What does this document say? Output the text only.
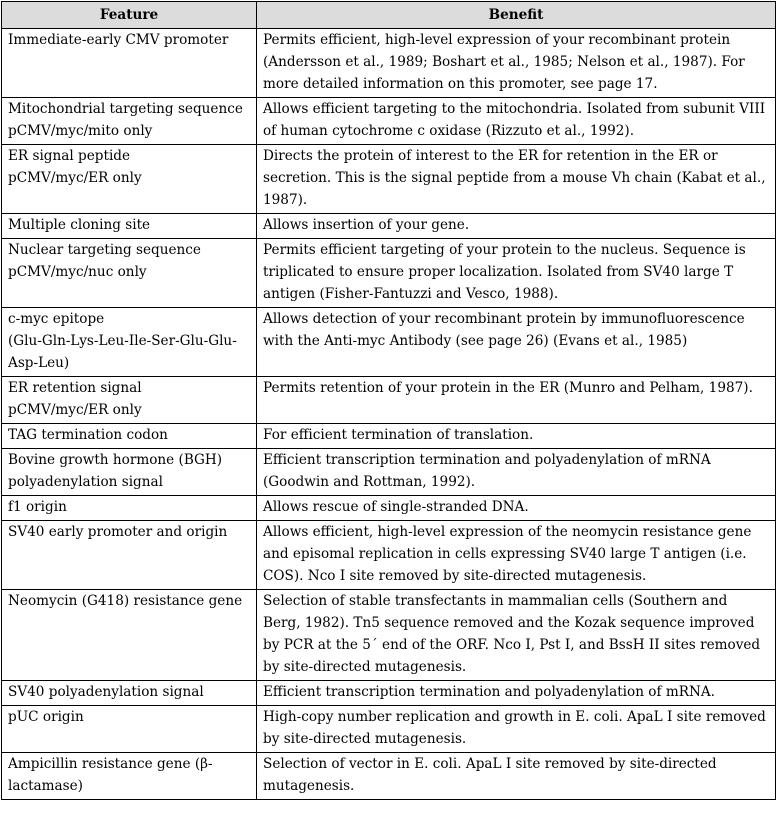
Feature	Benefit

Immediate-early CMV promoter	Permits efficient, high-level expression of your recombinant protein (Andersson et al., 1989; Boshart et al., 1985; Nelson et al., 1987). For more detailed information on this promoter, see page 17.

Mitochondrial targeting sequence
pCMV/myc/mito only	Allows efficient targeting to the mitochondria. Isolated from subunit VIII of human cytochrome c oxidase (Rizzuto et al., 1992).

ER signal peptide
pCMV/myc/ER only	Directs the protein of interest to the ER for retention in the ER or secretion. This is the signal peptide from a mouse Vh chain (Kabat et al., 1987).

Multiple cloning site	Allows insertion of your gene.

Nuclear targeting sequence
pCMV/myc/nuc only	Permits efficient targeting of your protein to the nucleus. Sequence is triplicated to ensure proper localization. Isolated from SV40 large T antigen (Fisher-Fantuzzi and Vesco, 1988).

c-myc epitope
(Glu-Gln-Lys-Leu-Ile-Ser-Glu-Glu-Asp-Leu)	Allows detection of your recombinant protein by immunofluorescence with the Anti-myc Antibody (see page 26) (Evans et al., 1985)

ER retention signal
pCMV/myc/ER only	Permits retention of your protein in the ER (Munro and Pelham, 1987).

TAG termination codon	For efficient termination of translation.

Bovine growth hormone (BGH) polyadenylation signal	Efficient transcription termination and polyadenylation of mRNA (Goodwin and Rottman, 1992).

f1 origin	Allows rescue of single-stranded DNA.

SV40 early promoter and origin	Allows efficient, high-level expression of the neomycin resistance gene and episomal replication in cells expressing SV40 large T antigen (i.e. COS). Nco I site removed by site-directed mutagenesis.

Neomycin (G418) resistance gene	Selection of stable transfectants in mammalian cells (Southern and Berg, 1982). Tn5 sequence removed and the Kozak sequence improved by PCR at the 5´ end of the ORF. Nco I, Pst I, and BssH II sites removed by site-directed mutagenesis.

SV40 polyadenylation signal	Efficient transcription termination and polyadenylation of mRNA.

pUC origin	High-copy number replication and growth in E. coli. ApaL I site removed by site-directed mutagenesis.

Ampicillin resistance gene (β-lactamase)	Selection of vector in E. coli. ApaL I site removed by site-directed mutagenesis.
